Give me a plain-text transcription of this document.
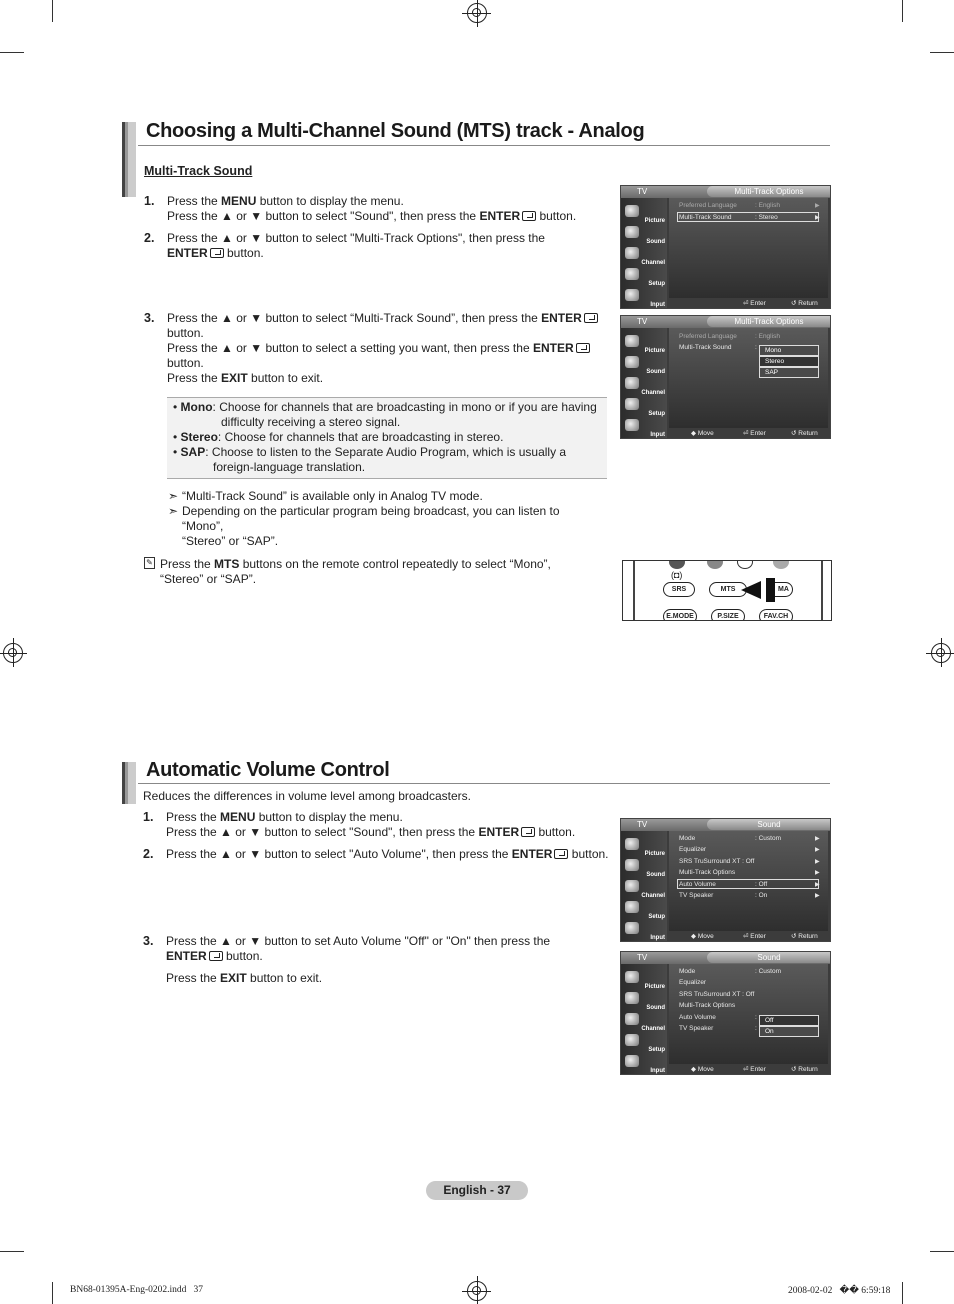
Choosing a Multi-Channel Sound (MTS) track - Analog
Multi-Track Sound
1. Press the MENU button to display the menu.
Press the ▲ or ▼ button to select "Sound", then press the ENTER button.
2. Press the ▲ or ▼ button to select "Multi-Track Options", then press the
ENTER button.
3. Press the ▲ or ▼ button to select “Multi-Track Sound”, then press the ENTER
button.
Press the ▲ or ▼ button to select a setting you want, then press the ENTER
button.
Press the EXIT button to exit.
• Mono: Choose for channels that are broadcasting in mono or if you are having
difficulty receiving a stereo signal.
• Stereo: Choose for channels that are broadcasting in stereo.
• SAP: Choose to listen to the Separate Audio Program, which is usually a
foreign-language translation.
➣ “Multi-Track Sound” is available only in Analog TV mode.
➣ Depending on the particular program being broadcast, you can listen to “Mono”,
“Stereo” or “SAP”.
✎ Press the MTS buttons on the remote control repeatedly to select “Mono”,
“Stereo” or “SAP”.
TV	Multi-Track Options
Picture
Sound
Channel
Setup
Input
Preferred Language	: English	▶
Multi-Track Sound	: Stereo	▶
⏎ Enter	↺ Return
TV	Multi-Track Options
Picture
Sound
Channel
Setup
Input
Preferred Language	: English
Multi-Track Sound	:	Mono
Stereo
SAP
◆ Move	⏎ Enter	↺ Return
(◘)
SRS	MTS	MA
E.MODE	P.SIZE	FAV.CH
Automatic Volume Control
Reduces the differences in volume level among broadcasters.
1. Press the MENU button to display the menu.
Press the ▲ or ▼ button to select "Sound", then press the ENTER button.
2. Press the ▲ or ▼ button to select "Auto Volume", then press the ENTER button.
3. Press the ▲ or ▼ button to set Auto Volume "Off" or "On" then press the
ENTER button.
Press the EXIT button to exit.
TV	Sound
Picture
Sound
Channel
Setup
Input
Mode	: Custom	▶
Equalizer	▶
SRS TruSurround XT : Off	▶
Multi-Track Options	▶
Auto Volume	: Off	▶
TV Speaker	: On	▶
◆ Move	⏎ Enter	↺ Return
TV	Sound
Picture
Sound
Channel
Setup
Input
Mode	: Custom
Equalizer
SRS TruSurround XT : Off
Multi-Track Options
Auto Volume	:
TV Speaker	:
Off
On
◆ Move	⏎ Enter	↺ Return
English - 37
BN68-01395A-Eng-0202.indd   37	2008-02-02   �� 6:59:18
